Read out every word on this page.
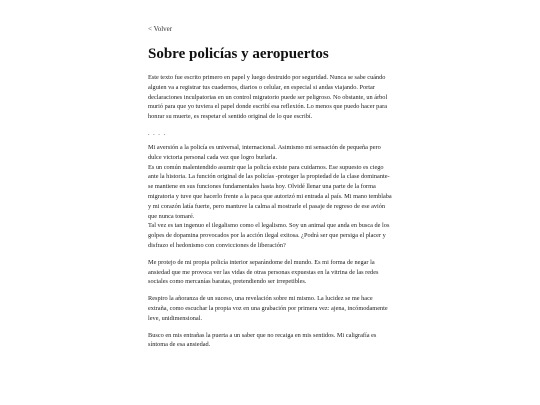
< Volver
Sobre policías y aeropuertos

Este texto fue escrito primero en papel y luego destruido por seguridad. Nunca se sabe cuándo alguien va a registrar tus cuadernos, diarios o celular, en especial si andas viajando. Portar declaraciones inculpatorias en un control migratorio puede ser peligroso. No obstante, un árbol murió para que yo tuviera el papel donde escribí esa reflexión. Lo menos que puedo hacer para honrar su muerte, es respetar el sentido original de lo que escribí.

. . . .

Mi aversión a la policía es universal, internacional. Asimismo mi sensación de pequeña pero dulce victoria personal cada vez que logro burlarla.
Es un común malentendido asumir que la policía existe para cuidarnos. Ese supuesto es ciego ante la historia. La función original de las policías -proteger la propiedad de la clase dominante- se mantiene en sus funciones fundamentales hasta hoy. Olvidé llenar una parte de la forma migratoria y tuve que hacerlo frente a la paca que autorizó mi entrada al país. Mi mano temblaba y mi corazón latía fuerte, pero mantuve la calma al mostrarle el pasaje de regreso de ese avión que nunca tomaré.
Tal vez es tan ingenuo el ilegalismo como el legalismo. Soy un animal que anda en busca de los golpes de dopamina provocados por la acción ilegal exitosa. ¿Podrá ser que persiga el placer y disfrazo el hedonismo con convicciones de liberación?

Me protejo de mi propia policía interior separándome del mundo. Es mi forma de negar la ansiedad que me provoca ver las vidas de otras personas expuestas en la vitrina de las redes sociales como mercanías baratas, pretendiendo ser irrepetibles.

Respiro la añoranza de un suceso, una revelación sobre mi mismo. La lucidez se me hace extraña, como escuchar la propia voz en una grabación por primera vez: ajena, incómodamente leve, unidimensional.

Busco en mis entrañas la puerta a un saber que no recaiga en mis sentidos. Mi caligrafía es síntoma de esa ansiedad.
